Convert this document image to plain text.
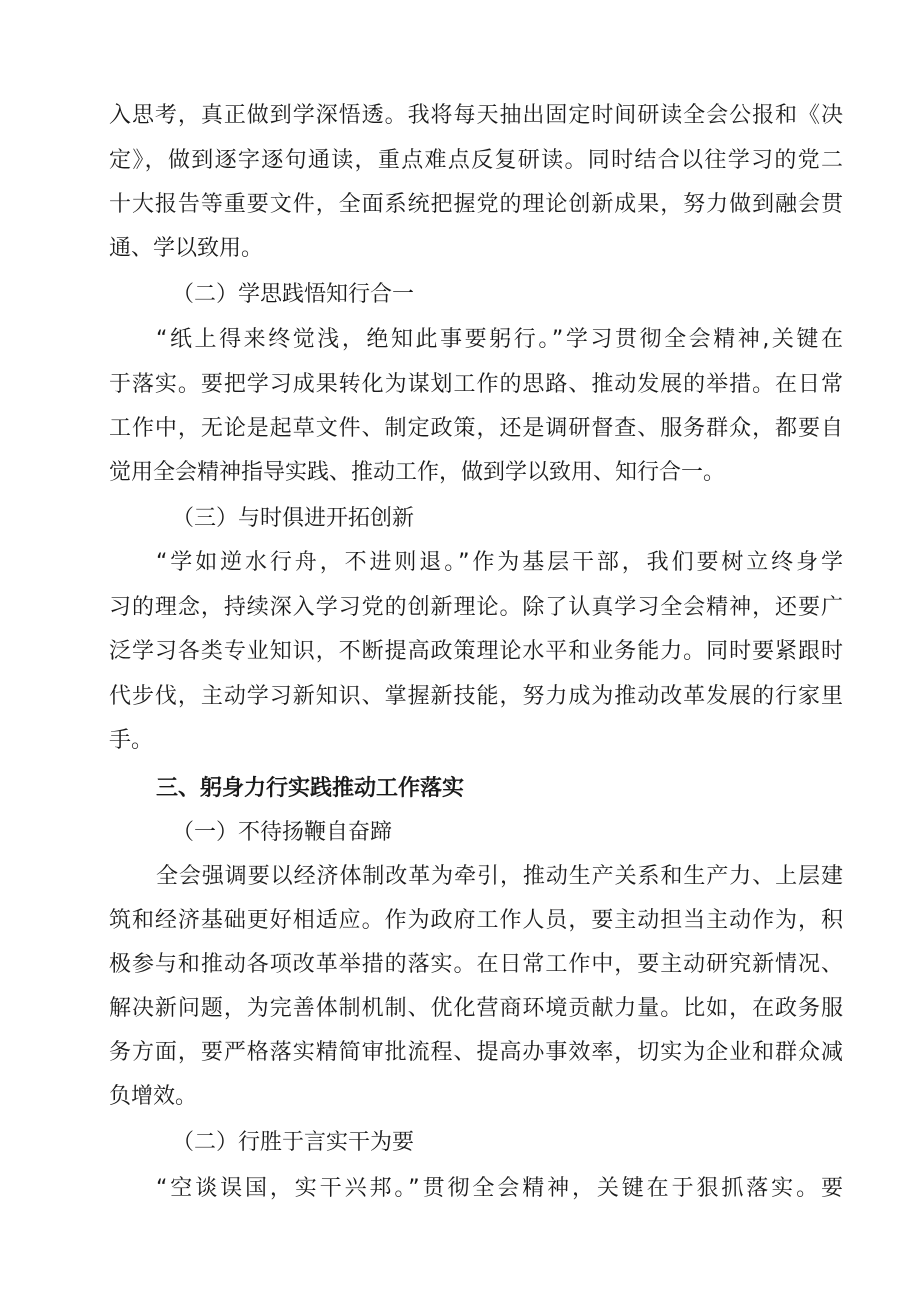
入思考，真正做到学深悟透。我将每天抽出固定时间研读全会公报和《决
定》，做到逐字逐句通读，重点难点反复研读。同时结合以往学习的党二
十大报告等重要文件，全面系统把握党的理论创新成果，努力做到融会贯
通、学以致用。
（二）学思践悟知行合一
“纸上得来终觉浅，绝知此事要躬行。”学习贯彻全会精神,关键在
于落实。要把学习成果转化为谋划工作的思路、推动发展的举措。在日常
工作中，无论是起草文件、制定政策，还是调研督查、服务群众，都要自
觉用全会精神指导实践、推动工作，做到学以致用、知行合一。
（三）与时俱进开拓创新
“学如逆水行舟，不进则退。”作为基层干部，我们要树立终身学
习的理念，持续深入学习党的创新理论。除了认真学习全会精神，还要广
泛学习各类专业知识，不断提高政策理论水平和业务能力。同时要紧跟时
代步伐，主动学习新知识、掌握新技能，努力成为推动改革发展的行家里
手。
三、躬身力行实践推动工作落实
（一）不待扬鞭自奋蹄
全会强调要以经济体制改革为牵引，推动生产关系和生产力、上层建
筑和经济基础更好相适应。作为政府工作人员，要主动担当主动作为，积
极参与和推动各项改革举措的落实。在日常工作中，要主动研究新情况、
解决新问题，为完善体制机制、优化营商环境贡献力量。比如，在政务服
务方面，要严格落实精简审批流程、提高办事效率，切实为企业和群众减
负增效。
（二）行胜于言实干为要
“空谈误国，实干兴邦。”贯彻全会精神，关键在于狠抓落实。要
